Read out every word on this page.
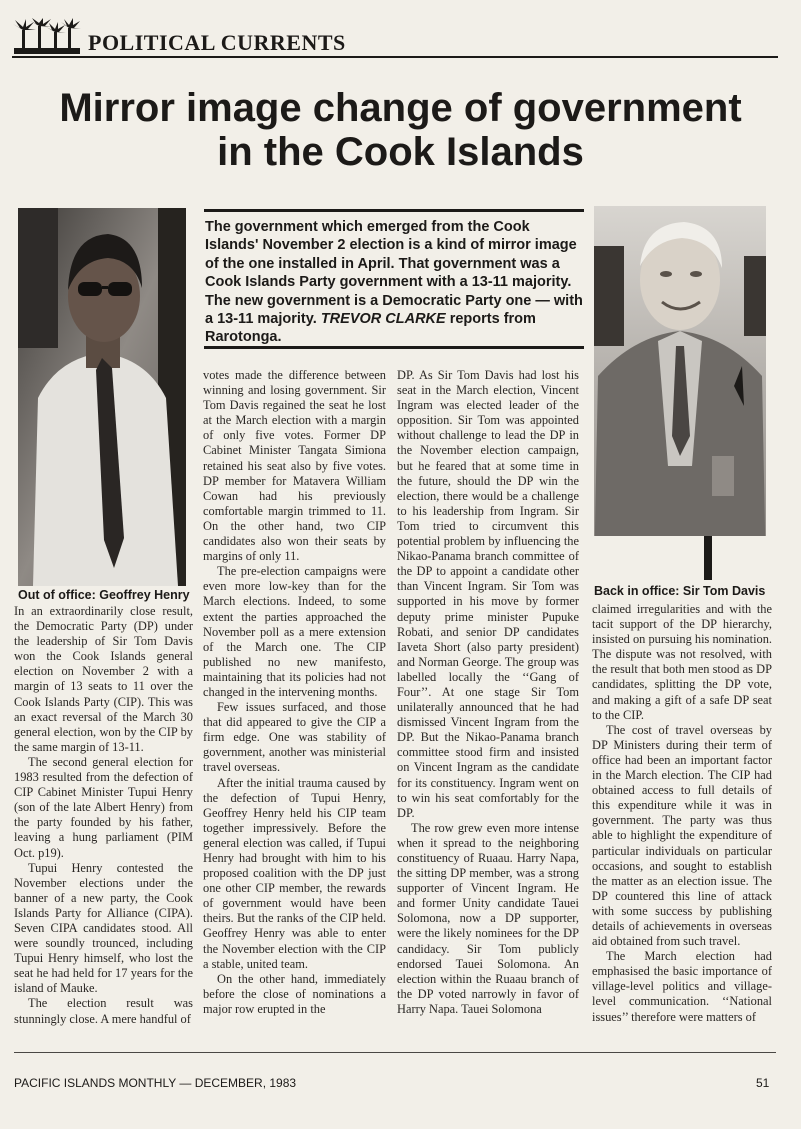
POLITICAL CURRENTS
Mirror image change of government
in the Cook Islands
Out of office: Geoffrey Henry
The government which emerged from the Cook Islands' November 2 election is a kind of mirror image of the one installed in April. That government was a Cook Islands Party government with a 13-11 majority. The new government is a Democratic Party one — with a 13-11 majority. TREVOR CLARKE reports from Rarotonga.
Back in office: Sir Tom Davis

In an extraordinarily close result, the Democratic Party (DP) under the leadership of Sir Tom Davis won the Cook Islands general election on November 2 with a margin of 13 seats to 11 over the Cook Islands Party (CIP). This was an exact reversal of the March 30 general election, won by the CIP by the same margin of 13-11.

The second general election for 1983 resulted from the defection of CIP Cabinet Minister Tupui Henry (son of the late Albert Henry) from the party founded by his father, leaving a hung parliament (PIM Oct. p19).

Tupui Henry contested the November elections under the banner of a new party, the Cook Islands Party for Alliance (CIPA). Seven CIPA candidates stood. All were soundly trounced, including Tupui Henry himself, who lost the seat he had held for 17 years for the island of Mauke.

The election result was stunningly close. A mere handful of

votes made the difference between winning and losing government. Sir Tom Davis regained the seat he lost at the March election with a margin of only five votes. Former DP Cabinet Minister Tangata Simiona retained his seat also by five votes. DP member for Matavera William Cowan had his previously comfortable margin trimmed to 11. On the other hand, two CIP candidates also won their seats by margins of only 11.

The pre-election campaigns were even more low-key than for the March elections. Indeed, to some extent the parties approached the November poll as a mere extension of the March one. The CIP published no new manifesto, maintaining that its policies had not changed in the intervening months.

Few issues surfaced, and those that did appeared to give the CIP a firm edge. One was stability of government, another was ministerial travel overseas.

After the initial trauma caused by the defection of Tupui Henry, Geoffrey Henry held his CIP team together impressively. Before the general election was called, if Tupui Henry had brought with him to his proposed coalition with the DP just one other CIP member, the rewards of government would have been theirs. But the ranks of the CIP held. Geoffrey Henry was able to enter the November election with the CIP a stable, united team.

On the other hand, immediately before the close of nominations a major row erupted in the

DP. As Sir Tom Davis had lost his seat in the March election, Vincent Ingram was elected leader of the opposition. Sir Tom was appointed without challenge to lead the DP in the November election campaign, but he feared that at some time in the future, should the DP win the election, there would be a challenge to his leadership from Ingram. Sir Tom tried to circumvent this potential problem by influencing the Nikao-Panama branch committee of the DP to appoint a candidate other than Vincent Ingram. Sir Tom was supported in his move by former deputy prime minister Pupuke Robati, and senior DP candidates Iaveta Short (also party president) and Norman George. The group was labelled locally the ‘‘Gang of Four’’. At one stage Sir Tom unilaterally announced that he had dismissed Vincent Ingram from the DP. But the Nikao-Panama branch committee stood firm and insisted on Vincent Ingram as the candidate for its constituency. Ingram went on to win his seat comfortably for the DP.

The row grew even more intense when it spread to the neighboring constituency of Ruaau. Harry Napa, the sitting DP member, was a strong supporter of Vincent Ingram. He and former Unity candidate Tauei Solomona, now a DP supporter, were the likely nominees for the DP candidacy. Sir Tom publicly endorsed Tauei Solomona. An election within the Ruaau branch of the DP voted narrowly in favor of Harry Napa. Tauei Solomona

claimed irregularities and with the tacit support of the DP hierarchy, insisted on pursuing his nomination. The dispute was not resolved, with the result that both men stood as DP candidates, splitting the DP vote, and making a gift of a safe DP seat to the CIP.

The cost of travel overseas by DP Ministers during their term of office had been an important factor in the March election. The CIP had obtained access to full details of this expenditure while it was in government. The party was thus able to highlight the expenditure of particular individuals on particular occasions, and sought to establish the matter as an election issue. The DP countered this line of attack with some success by publishing details of achievements in overseas aid obtained from such travel.

The March election had emphasised the basic importance of village-level politics and village-level communication. ‘‘National issues’’ therefore were matters of

PACIFIC ISLANDS MONTHLY — DECEMBER, 1983	51
